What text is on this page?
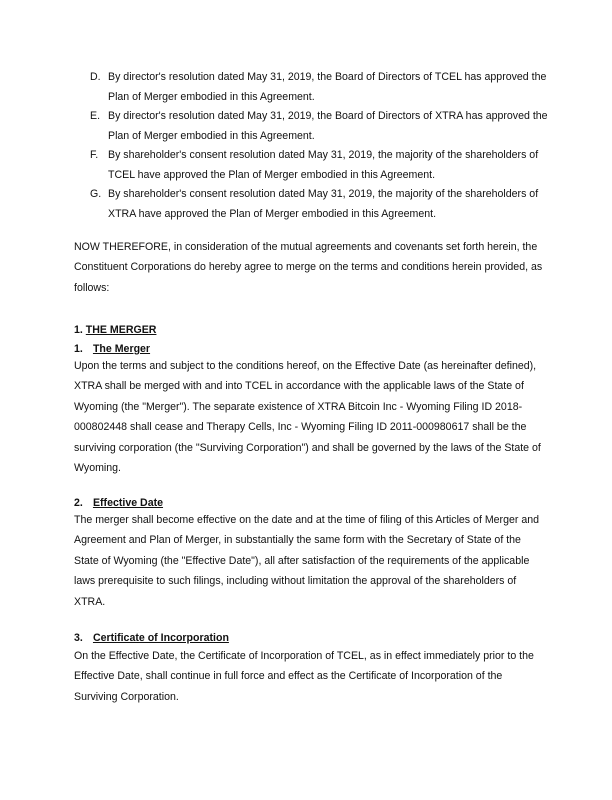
D. By director's resolution dated May 31, 2019, the Board of Directors of TCEL has approved the Plan of Merger embodied in this Agreement.
E. By director's resolution dated May 31, 2019, the Board of Directors of XTRA has approved the Plan of Merger embodied in this Agreement.
F. By shareholder's consent resolution dated May 31, 2019, the majority of the shareholders of TCEL have approved the Plan of Merger embodied in this Agreement.
G. By shareholder's consent resolution dated May 31, 2019, the majority of the shareholders of XTRA have approved the Plan of Merger embodied in this Agreement.

NOW THEREFORE, in consideration of the mutual agreements and covenants set forth herein, the Constituent Corporations do hereby agree to merge on the terms and conditions herein provided, as follows:

1. THE MERGER
1. The Merger

Upon the terms and subject to the conditions hereof, on the Effective Date (as hereinafter defined), XTRA shall be merged with and into TCEL in accordance with the applicable laws of the State of Wyoming (the "Merger"). The separate existence of XTRA Bitcoin Inc - Wyoming Filing ID 2018-000802448 shall cease and Therapy Cells, Inc - Wyoming Filing ID 2011-000980617 shall be the surviving corporation (the "Surviving Corporation") and shall be governed by the laws of the State of Wyoming.

2. Effective Date

The merger shall become effective on the date and at the time of filing of this Articles of Merger and Agreement and Plan of Merger, in substantially the same form with the Secretary of State of the State of Wyoming (the "Effective Date"), all after satisfaction of the requirements of the applicable laws prerequisite to such filings, including without limitation the approval of the shareholders of XTRA.

3. Certificate of Incorporation

On the Effective Date, the Certificate of Incorporation of TCEL, as in effect immediately prior to the Effective Date, shall continue in full force and effect as the Certificate of Incorporation of the Surviving Corporation.
